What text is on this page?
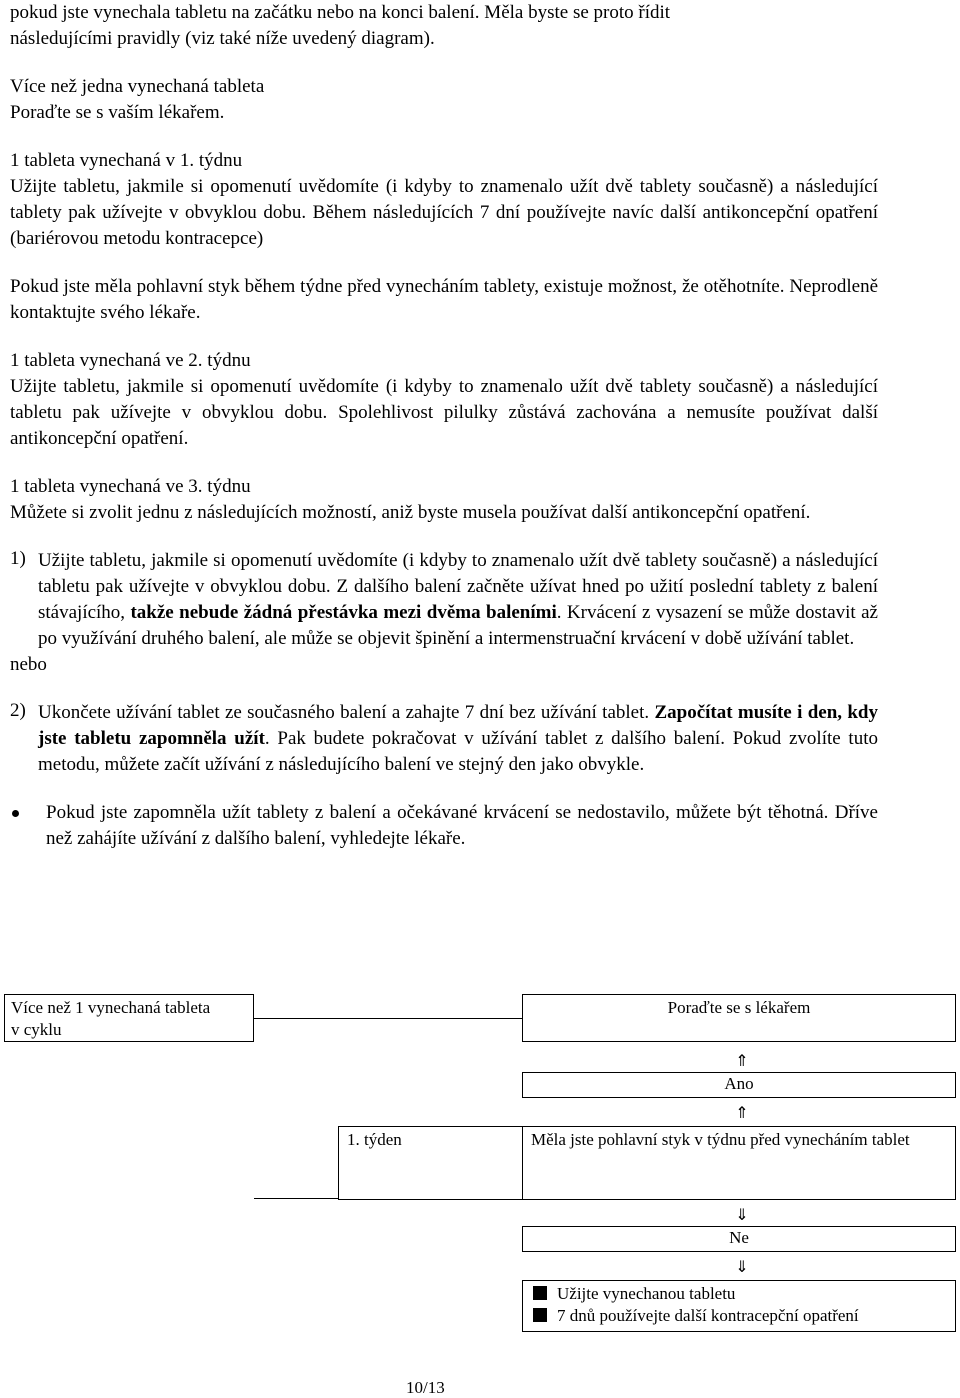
pokud jste vynechala tabletu na začátku nebo na konci balení. Měla byste se proto řídit

následujícími pravidly (viz také níže uvedený diagram).

Více než jedna vynechaná tableta

Poraďte se s vaším lékařem.

1 tableta vynechaná v 1. týdnu

Užijte tabletu, jakmile si opomenutí uvědomíte (i kdyby to znamenalo užít dvě tablety současně) a následující tablety pak užívejte v obvyklou dobu. Během následujících 7 dní používejte navíc další antikoncepční opatření (bariérovou metodu kontracepce)

Pokud jste měla pohlavní styk během týdne před vynecháním tablety, existuje možnost, že otěhotníte. Neprodleně kontaktujte svého lékaře.

1 tableta vynechaná ve 2. týdnu

Užijte tabletu, jakmile si opomenutí uvědomíte (i kdyby to znamenalo užít dvě tablety současně) a následující tabletu pak užívejte v obvyklou dobu. Spolehlivost pilulky zůstává zachována a nemusíte používat další antikoncepční opatření.

1 tableta vynechaná ve 3. týdnu

Můžete si zvolit jednu z následujících možností, aniž byste musela používat další antikoncepční opatření.

1) Užijte tabletu, jakmile si opomenutí uvědomíte (i kdyby to znamenalo užít dvě tablety současně) a následující tabletu pak užívejte v obvyklou dobu. Z dalšího balení začněte užívat hned po užití poslední tablety z balení stávajícího, takže nebude žádná přestávka mezi dvěma baleními. Krvácení z vysazení se může dostavit až po využívání druhého balení, ale může se objevit špinění a intermenstruační krvácení v době užívání tablet.

nebo

2) Ukončete užívání tablet ze současného balení a zahajte 7 dní bez užívání tablet. Započítat musíte i den, kdy jste tabletu zapomněla užít. Pak budete pokračovat v užívání tablet z dalšího balení. Pokud zvolíte tuto metodu, můžete začít užívání z následujícího balení ve stejný den jako obvykle.
Pokud jste zapomněla užít tablety z balení a očekávané krvácení se nedostavilo, můžete být těhotná. Dříve než zahájíte užívání z dalšího balení, vyhledejte lékaře.
Více než 1 vynechaná tableta
v cyklu
Poraďte se s lékařem
⇑
Ano
⇑
1. týden	Měla jste pohlavní styk v týdnu před vynecháním tablet
⇓
Ne
⇓
Užijte vynechanou tabletu
7 dnů používejte další kontracepční opatření
10/13
